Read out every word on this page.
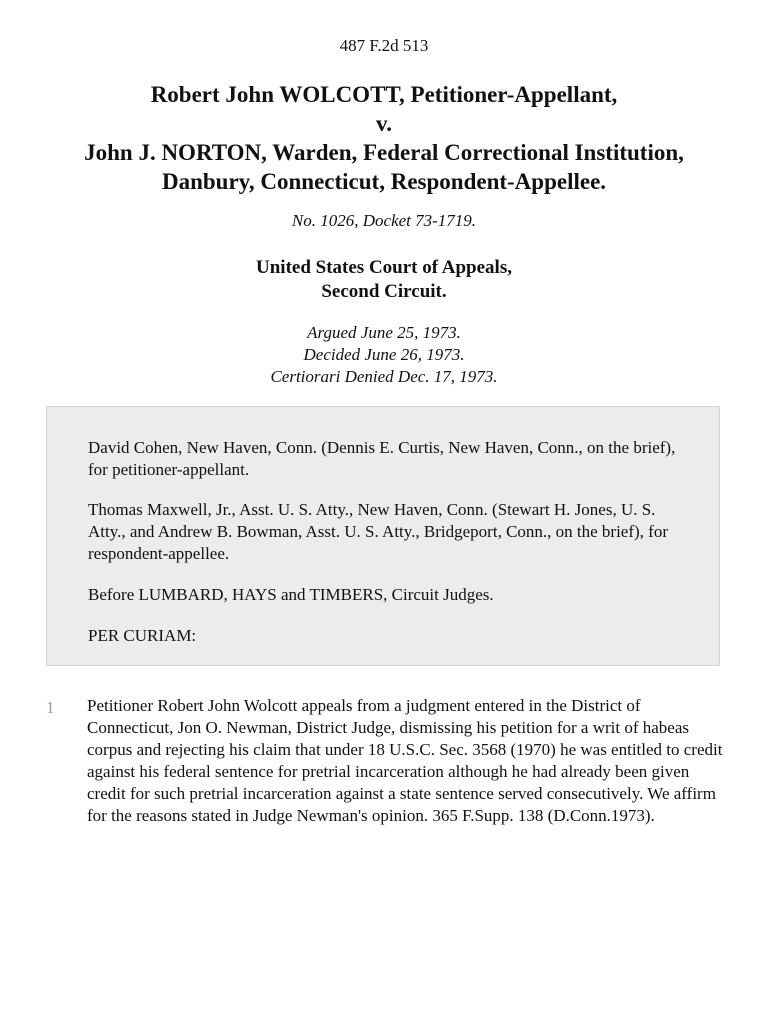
487 F.2d 513
Robert John WOLCOTT, Petitioner-Appellant,
v.
John J. NORTON, Warden, Federal Correctional Institution,
Danbury, Connecticut, Respondent-Appellee.
No. 1026, Docket 73-1719.
United States Court of Appeals,
Second Circuit.
Argued June 25, 1973.
Decided June 26, 1973.
Certiorari Denied Dec. 17, 1973.

David Cohen, New Haven, Conn. (Dennis E. Curtis, New Haven, Conn., on the brief), for petitioner-appellant.

Thomas Maxwell, Jr., Asst. U. S. Atty., New Haven, Conn. (Stewart H. Jones, U. S. Atty., and Andrew B. Bowman, Asst. U. S. Atty., Bridgeport, Conn., on the brief), for respondent-appellee.

Before LUMBARD, HAYS and TIMBERS, Circuit Judges.

PER CURIAM:

1 Petitioner Robert John Wolcott appeals from a judgment entered in the District of Connecticut, Jon O. Newman, District Judge, dismissing his petition for a writ of habeas corpus and rejecting his claim that under 18 U.S.C. Sec. 3568 (1970) he was entitled to credit against his federal sentence for pretrial incarceration although he had already been given credit for such pretrial incarceration against a state sentence served consecutively. We affirm for the reasons stated in Judge Newman's opinion. 365 F.Supp. 138 (D.Conn.1973).
